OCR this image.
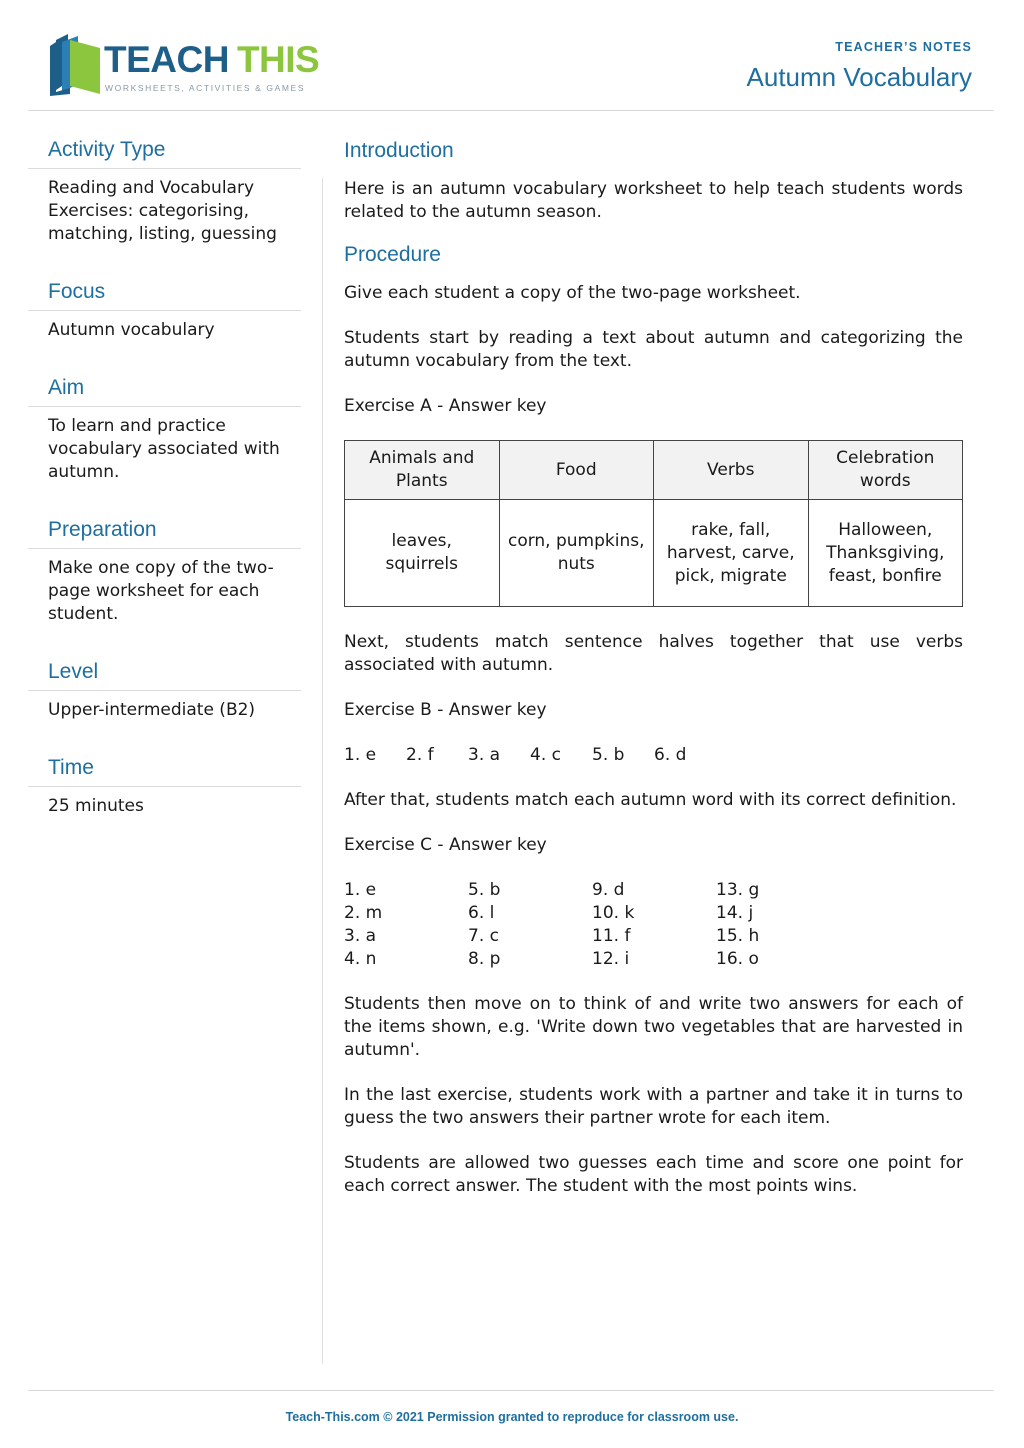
TEACH THIS
WORKSHEETS, ACTIVITIES & GAMES
TEACHER’S NOTES
Autumn Vocabulary
Activity Type
Reading and Vocabulary Exercises: categorising, matching, listing, guessing
Focus
Autumn vocabulary
Aim
To learn and practice vocabulary associated with autumn.
Preparation
Make one copy of the two-page worksheet for each student.
Level
Upper-intermediate (B2)
Time
25 minutes
Introduction

Here is an autumn vocabulary worksheet to help teach students words related to the autumn season.

Procedure

Give each student a copy of the two-page worksheet.

Students start by reading a text about autumn and categorizing the autumn vocabulary from the text.

Exercise A - Answer key

Animals and Plants	Food	Verbs	Celebration words
leaves, squirrels	corn, pumpkins, nuts	rake, fall, harvest, carve, pick, migrate	Halloween, Thanksgiving, feast, bonfire

Next, students match sentence halves together that use verbs associated with autumn.

Exercise B - Answer key

1. e	2. f	3. a	4. c	5. b	6. d

After that, students match each autumn word with its correct definition.

Exercise C - Answer key

1. e	5. b	9. d	13. g
2. m	6. l	10. k	14. j
3. a	7. c	11. f	15. h
4. n	8. p	12. i	16. o

Students then move on to think of and write two answers for each of the items shown, e.g. 'Write down two vegetables that are harvested in autumn'.

In the last exercise, students work with a partner and take it in turns to guess the two answers their partner wrote for each item.

Students are allowed two guesses each time and score one point for each correct answer. The student with the most points wins.

Teach-This.com © 2021 Permission granted to reproduce for classroom use.
